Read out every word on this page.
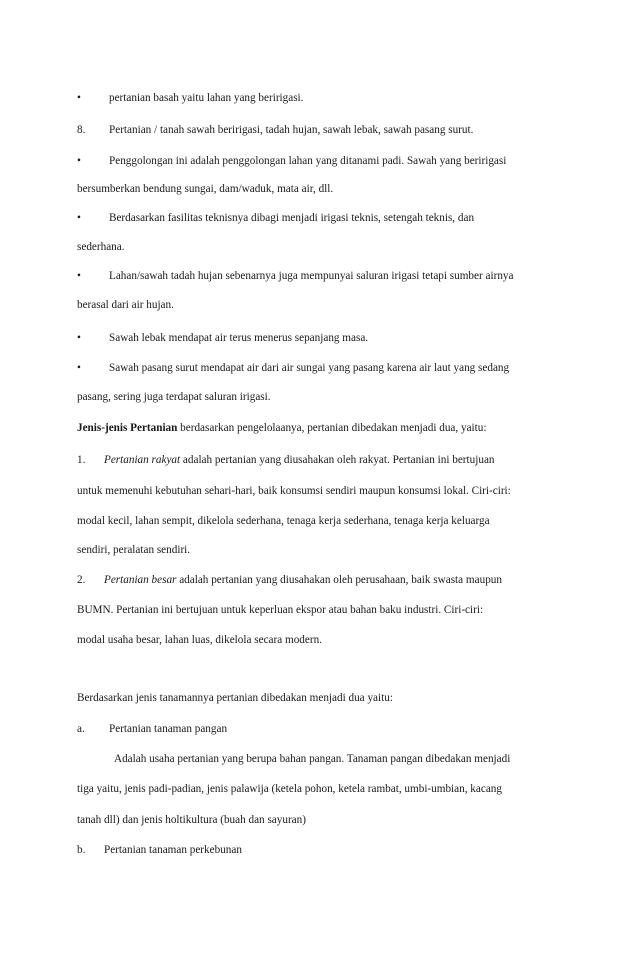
•	pertanian basah yaitu lahan yang beririgasi.
8. Pertanian / tanah sawah beririgasi, tadah hujan, sawah lebak, sawah pasang surut.
•	Penggolongan ini adalah penggolongan lahan yang ditanami padi. Sawah yang beririgasi
bersumberkan bendung sungai, dam/waduk, mata air, dll.
•	Berdasarkan fasilitas teknisnya dibagi menjadi irigasi teknis, setengah teknis, dan
sederhana.
•	Lahan/sawah tadah hujan sebenarnya juga mempunyai saluran irigasi tetapi sumber airnya
berasal dari air hujan.
•	Sawah lebak mendapat air terus menerus sepanjang masa.
•	Sawah pasang surut mendapat air dari air sungai yang pasang karena air laut yang sedang
pasang, sering juga terdapat saluran irigasi.
Jenis-jenis Pertanian berdasarkan pengelolaanya, pertanian dibedakan menjadi dua, yaitu:
1. Pertanian rakyat adalah pertanian yang diusahakan oleh rakyat. Pertanian ini bertujuan
untuk memenuhi kebutuhan sehari-hari, baik konsumsi sendiri maupun konsumsi lokal. Ciri-ciri:
modal kecil, lahan sempit, dikelola sederhana, tenaga kerja sederhana, tenaga kerja keluarga
sendiri, peralatan sendiri.
2. Pertanian besar adalah pertanian yang diusahakan oleh perusahaan, baik swasta maupun
BUMN. Pertanian ini bertujuan untuk keperluan ekspor atau bahan baku industri. Ciri-ciri:
modal usaha besar, lahan luas, dikelola secara modern.
Berdasarkan jenis tanamannya pertanian dibedakan menjadi dua yaitu:
a. Pertanian tanaman pangan
Adalah usaha pertanian yang berupa bahan pangan. Tanaman pangan dibedakan menjadi
tiga yaitu, jenis padi-padian, jenis palawija (ketela pohon, ketela rambat, umbi-umbian, kacang
tanah dll) dan jenis holtikultura (buah dan sayuran)
b. Pertanian tanaman perkebunan
